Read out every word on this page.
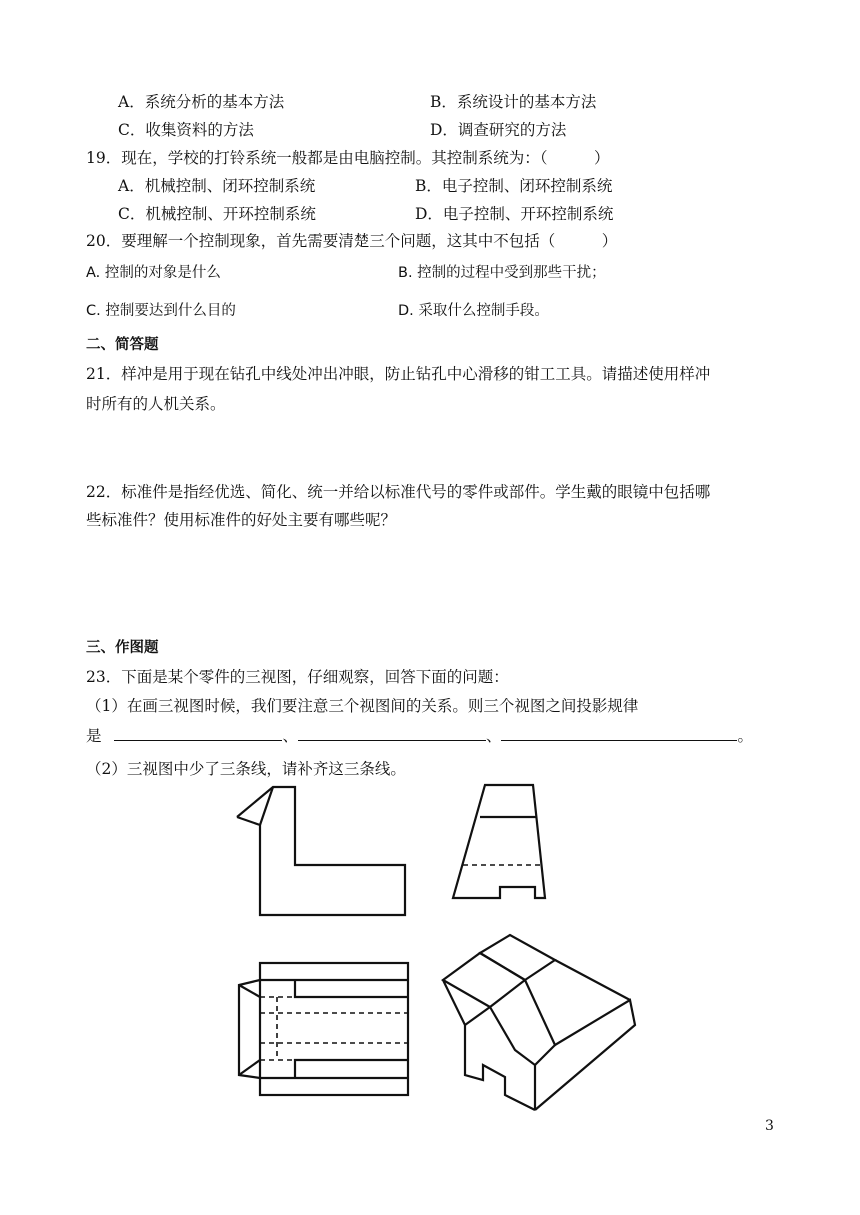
A．系统分析的基本方法	B．系统设计的基本方法
C．收集资料的方法	D．调查研究的方法
19．现在，学校的打铃系统一般都是由电脑控制。其控制系统为：（　　　）
A．机械控制、闭环控制系统	B．电子控制、闭环控制系统
C．机械控制、开环控制系统	D．电子控制、开环控制系统
20．要理解一个控制现象，首先需要清楚三个问题，这其中不包括（　　　）
A. 控制的对象是什么	B. 控制的过程中受到那些干扰；
C. 控制要达到什么目的	D. 采取什么控制手段。
二、简答题
21．样冲是用于现在钻孔中线处冲出冲眼，防止钻孔中心滑移的钳工工具。请描述使用样冲
时所有的人机关系。
22．标准件是指经优选、简化、统一并给以标准代号的零件或部件。学生戴的眼镜中包括哪
些标准件？使用标准件的好处主要有哪些呢？
三、作图题
23．下面是某个零件的三视图，仔细观察，回答下面的问题：
（1）在画三视图时候，我们要注意三个视图间的关系。则三个视图之间投影规律
是	、	、	。
（2）三视图中少了三条线，请补齐这三条线。
3
